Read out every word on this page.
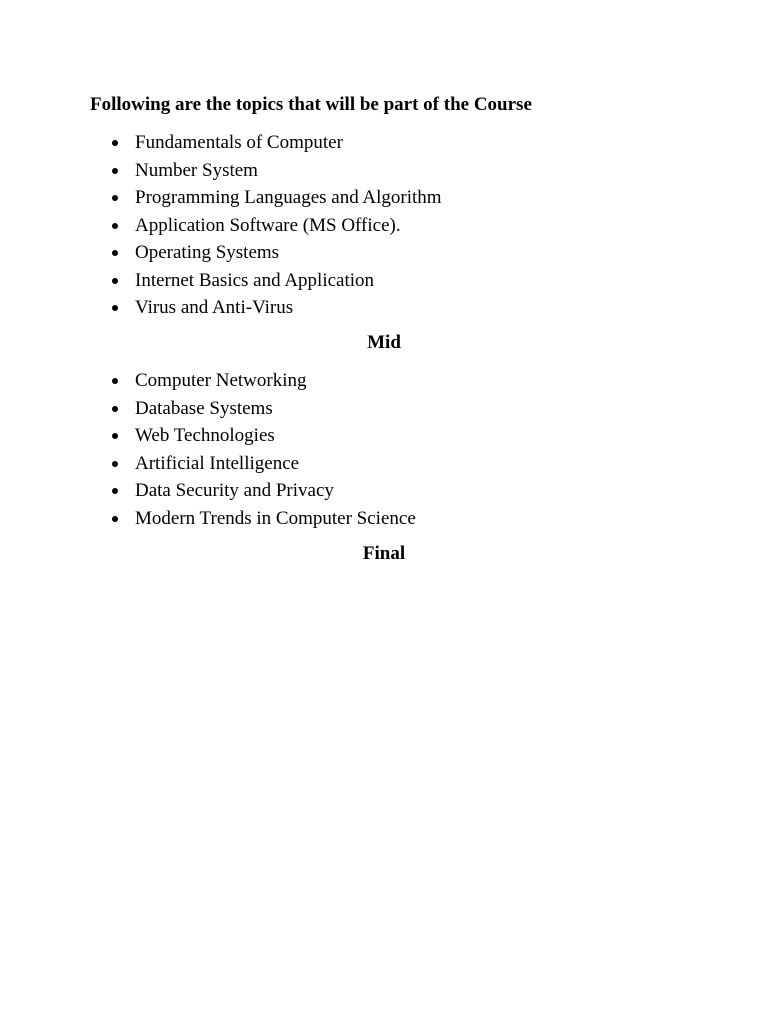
Following are the topics that will be part of the Course
Fundamentals of Computer
Number System
Programming Languages and Algorithm
Application Software (MS Office).
Operating Systems
Internet Basics and Application
Virus and Anti-Virus
Mid
Computer Networking
Database Systems
Web Technologies
Artificial Intelligence
Data Security and Privacy
Modern Trends in Computer Science
Final
